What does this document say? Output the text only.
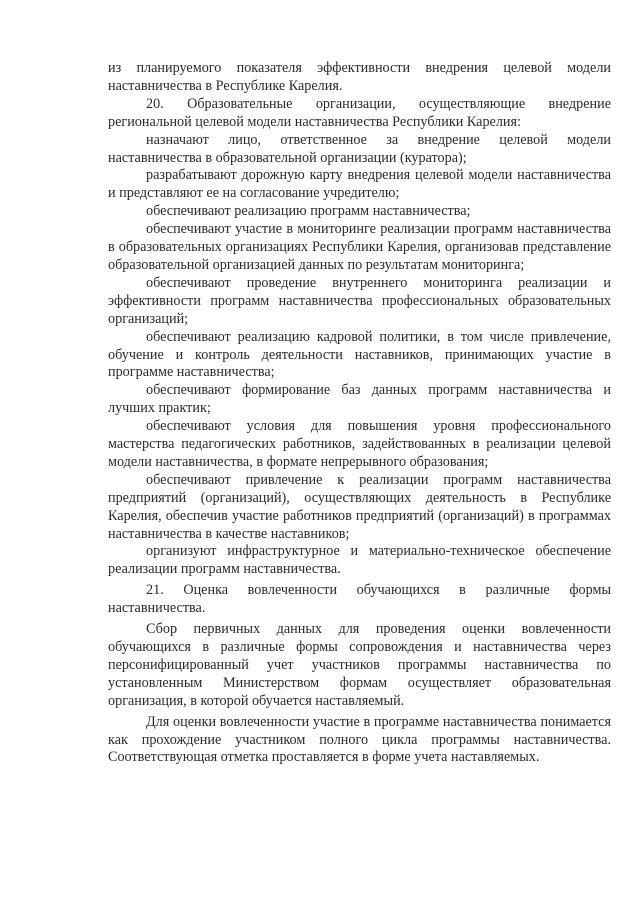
из планируемого показателя эффективности внедрения целевой модели наставничества в Республике Карелия.

20. Образовательные организации, осуществляющие внедрение региональной целевой модели наставничества Республики Карелия:

назначают лицо, ответственное за внедрение целевой модели наставничества в образовательной организации (куратора);

разрабатывают дорожную карту внедрения целевой модели наставничества и представляют ее на согласование учредителю;

обеспечивают реализацию программ наставничества;

обеспечивают участие в мониторинге реализации программ наставничества в образовательных организациях Республики Карелия, организовав представление образовательной организацией данных по результатам мониторинга;

обеспечивают проведение внутреннего мониторинга реализации и эффективности программ наставничества профессиональных образовательных организаций;

обеспечивают реализацию кадровой политики, в том числе привлечение, обучение и контроль деятельности наставников, принимающих участие в программе наставничества;

обеспечивают формирование баз данных программ наставничества и лучших практик;

обеспечивают условия для повышения уровня профессионального мастерства педагогических работников, задействованных в реализации целевой модели наставничества, в формате непрерывного образования;

обеспечивают привлечение к реализации программ наставничества предприятий (организаций), осуществляющих деятельность в Республике Карелия, обеспечив участие работников предприятий (организаций) в программах наставничества в качестве наставников;

организуют инфраструктурное и материально-техническое обеспечение реализации программ наставничества.

21. Оценка вовлеченности обучающихся в различные формы наставничества.

Сбор первичных данных для проведения оценки вовлеченности обучающихся в различные формы сопровождения и наставничества через персонифицированный учет участников программы наставничества по установленным Министерством формам осуществляет образовательная организация, в которой обучается наставляемый.

Для оценки вовлеченности участие в программе наставничества понимается как прохождение участником полного цикла программы наставничества. Соответствующая отметка проставляется в форме учета наставляемых.
